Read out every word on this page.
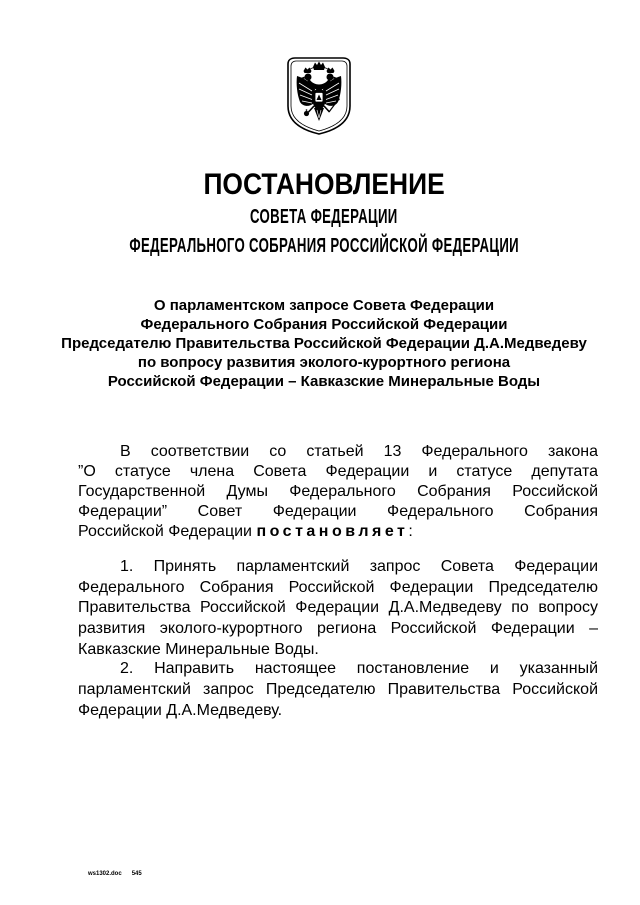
ПОСТАНОВЛЕНИЕ
СОВЕТА ФЕДЕРАЦИИ
ФЕДЕРАЛЬНОГО СОБРАНИЯ РОССИЙСКОЙ ФЕДЕРАЦИИ
О парламентском запросе Совета Федерации
Федерального Собрания Российской Федерации
Председателю Правительства Российской Федерации Д.А.Медведеву
по вопросу развития эколого-курортного региона
Российской Федерации – Кавказские Минеральные Воды
В соответствии со статьей 13 Федерального закона
”О статусе члена Совета Федерации и статусе депутата
Государственной Думы Федерального Собрания Российской
Федерации” Совет Федерации Федерального Собрания
Российской Федерации постановляет:
1. Принять парламентский запрос Совета Федерации
Федерального Собрания Российской Федерации Председателю
Правительства Российской Федерации Д.А.Медведеву по вопросу
развития эколого-курортного региона Российской Федерации –
Кавказские Минеральные Воды.
2. Направить настоящее постановление и указанный
парламентский запрос Председателю Правительства Российской
Федерации Д.А.Медведеву.
ws1302.doc 545
